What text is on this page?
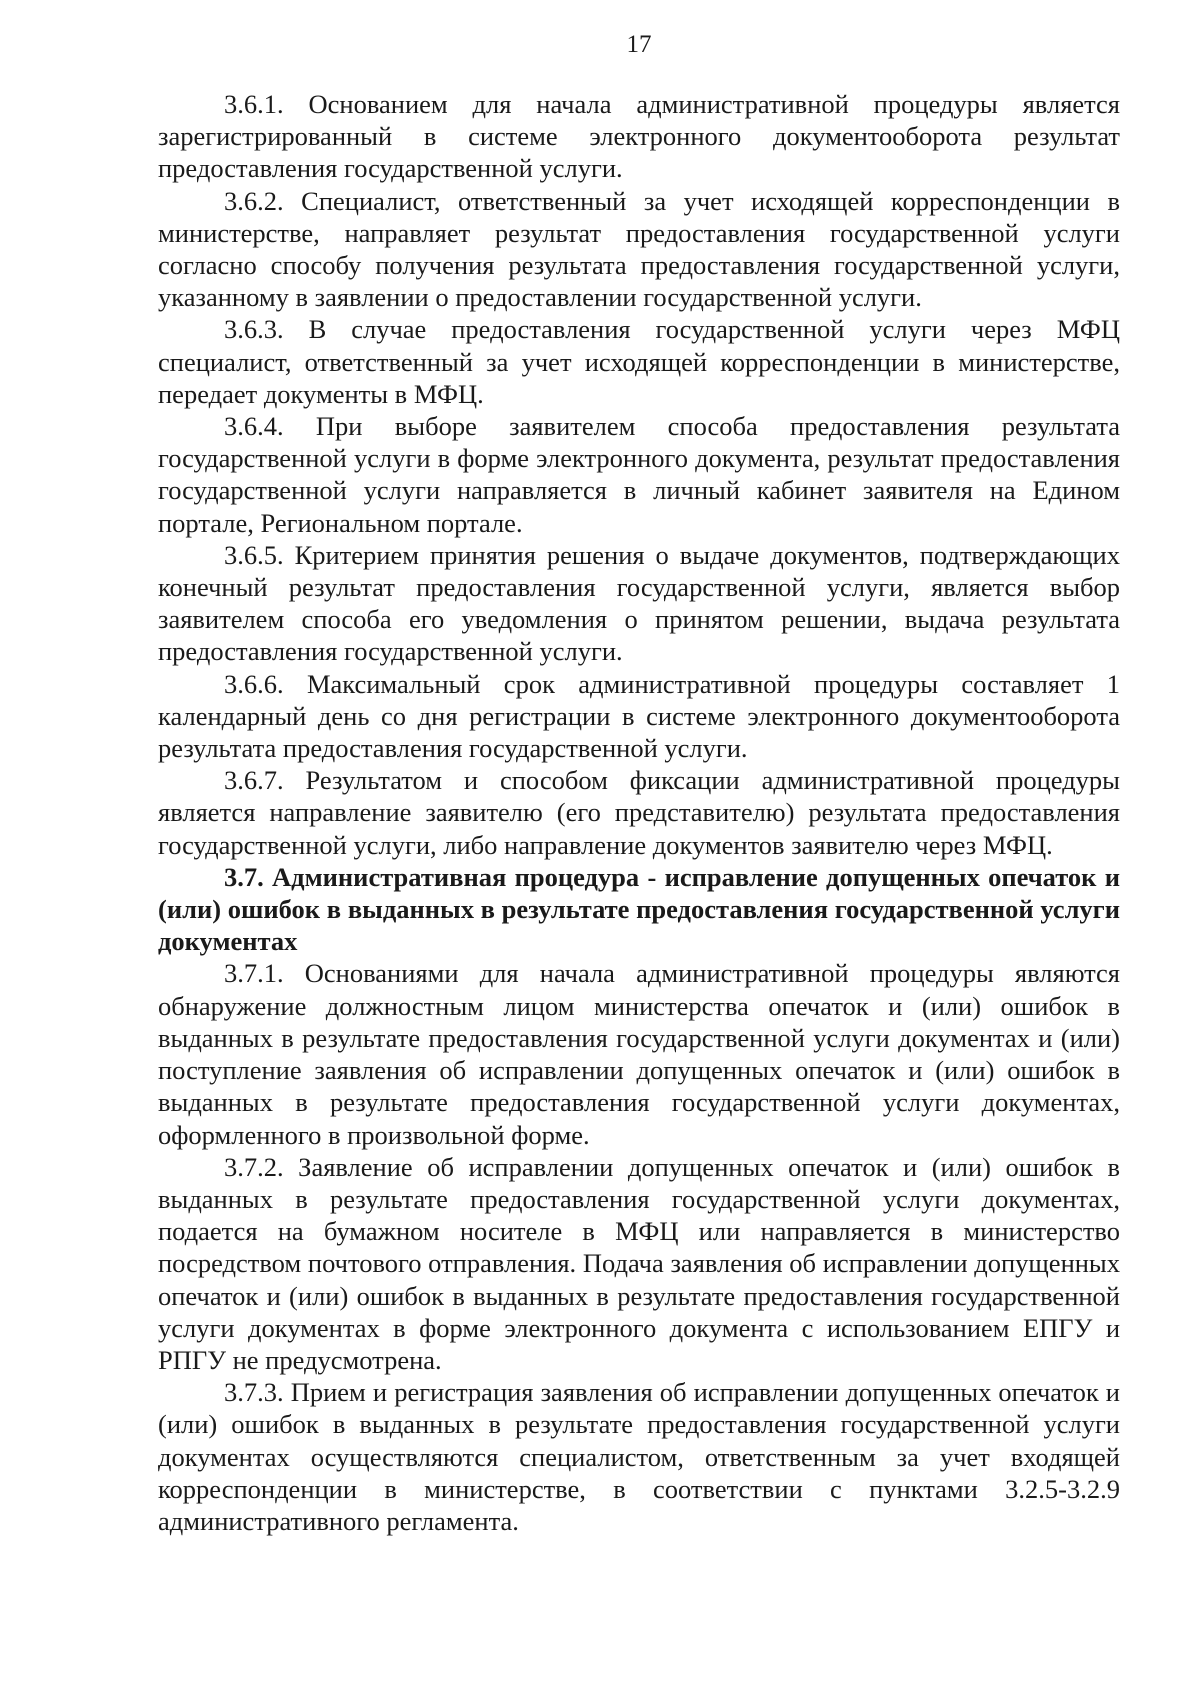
17

3.6.1. Основанием для начала административной процедуры является зарегистрированный в системе электронного документооборота результат предоставления государственной услуги.

3.6.2. Специалист, ответственный за учет исходящей корреспонденции в министерстве, направляет результат предоставления государственной услуги согласно способу получения результата предоставления государственной услуги, указанному в заявлении о предоставлении государственной услуги.

3.6.3. В случае предоставления государственной услуги через МФЦ специалист, ответственный за учет исходящей корреспонденции в министерстве, передает документы в МФЦ.

3.6.4. При выборе заявителем способа предоставления результата государственной услуги в форме электронного документа, результат предоставления государственной услуги направляется в личный кабинет заявителя на Едином портале, Региональном портале.

3.6.5. Критерием принятия решения о выдаче документов, подтверждающих конечный результат предоставления государственной услуги, является выбор заявителем способа его уведомления о принятом решении, выдача результата предоставления государственной услуги.

3.6.6. Максимальный срок административной процедуры составляет 1 календарный день со дня регистрации в системе электронного документооборота результата предоставления государственной услуги.

3.6.7. Результатом и способом фиксации административной процедуры является направление заявителю (его представителю) результата предоставления государственной услуги, либо направление документов заявителю через МФЦ.

3.7. Административная процедура - исправление допущенных опечаток и (или) ошибок в выданных в результате предоставления государственной услуги документах

3.7.1. Основаниями для начала административной процедуры являются обнаружение должностным лицом министерства опечаток и (или) ошибок в выданных в результате предоставления государственной услуги документах и (или) поступление заявления об исправлении допущенных опечаток и (или) ошибок в выданных в результате предоставления государственной услуги документах, оформленного в произвольной форме.

3.7.2. Заявление об исправлении допущенных опечаток и (или) ошибок в выданных в результате предоставления государственной услуги документах, подается на бумажном носителе в МФЦ или направляется в министерство посредством почтового отправления. Подача заявления об исправлении допущенных опечаток и (или) ошибок в выданных в результате предоставления государственной услуги документах в форме электронного документа с использованием ЕПГУ и РПГУ не предусмотрена.

3.7.3. Прием и регистрация заявления об исправлении допущенных опечаток и (или) ошибок в выданных в результате предоставления государственной услуги документах осуществляются специалистом, ответственным за учет входящей корреспонденции в министерстве, в соответствии с пунктами 3.2.5-3.2.9 административного регламента.
